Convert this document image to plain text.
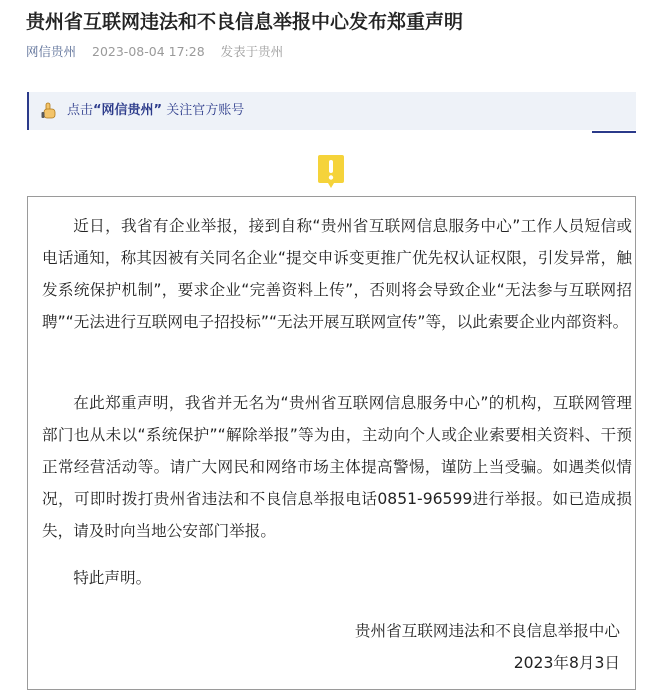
贵州省互联网违法和不良信息举报中心发布郑重声明
网信贵州 2023-08-04 17:28 发表于贵州
点击“网信贵州” 关注官方账号

近日，我省有企业举报，接到自称“贵州省互联网信息服务中心”工作人员短信或电话通知，称其因被有关同名企业“提交申诉变更推广优先权认证权限，引发异常，触发系统保护机制”，要求企业“完善资料上传”，否则将会导致企业“无法参与互联网招聘”“无法进行互联网电子招投标”“无法开展互联网宣传”等，以此索要企业内部资料。

在此郑重声明，我省并无名为“贵州省互联网信息服务中心”的机构，互联网管理部门也从未以“系统保护”“解除举报”等为由，主动向个人或企业索要相关资料、干预正常经营活动等。请广大网民和网络市场主体提高警惕，谨防上当受骗。如遇类似情况，可即时拨打贵州省违法和不良信息举报电话0851-96599进行举报。如已造成损失，请及时向当地公安部门举报。

特此声明。

贵州省互联网违法和不良信息举报中心
2023年8月3日
